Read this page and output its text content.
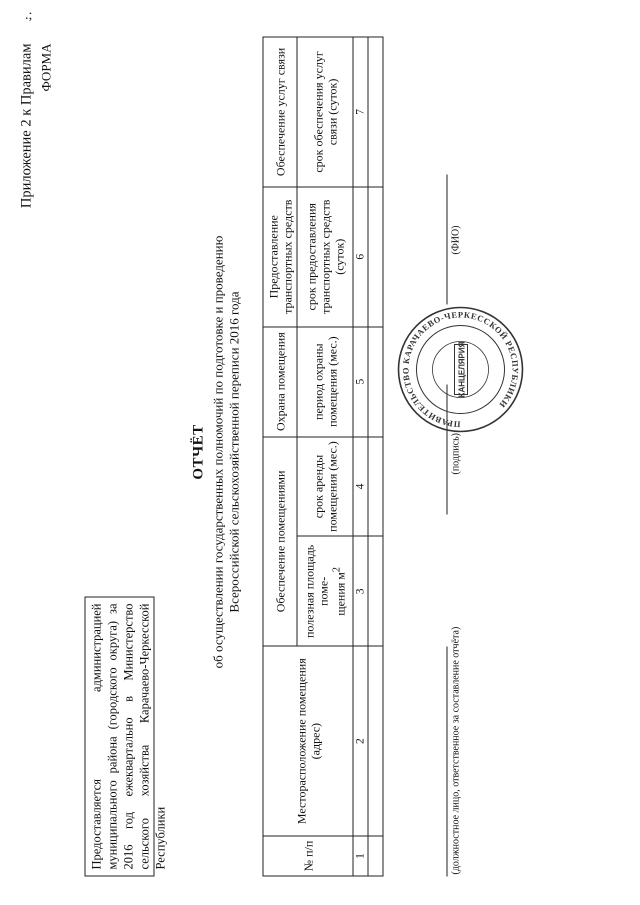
Приложение 2 к Правилам ФОРМА
Предоставляется администрацией муниципального района (городского округа) за 2016 год ежеквартально в Министерство сельского хозяйства Карачаево-Черкесской Республики
ОТЧЁТ об осуществлении государственных полномочий по подготовке и проведению Всероссийской сельскохозяйственной переписи 2016 года
№ п/п	Месторасположение помещения (адрес)	Обеспечение помещениями		Охрана помещения	Предоставление транспортных средств	Обеспечение услуг связи
		полезная площадь поме- щения $м^2$	срок аренды помещения (мес.)	период охраны помещения (мес.)	срок предоставления транспортных средств (суток)	срок обеспечения услуг связи (суток)
1	2	3	4	5	6	7

(должностное лицо, ответственное за составление отчёта)
(подпись)
(ФИО)
ПРАВИТЕЛЬСТВО КАРАЧАЕВО-ЧЕРКЕССКОЙ РЕСПУБЛИКИ
КАНЦЕЛЯРИЯ
.;
